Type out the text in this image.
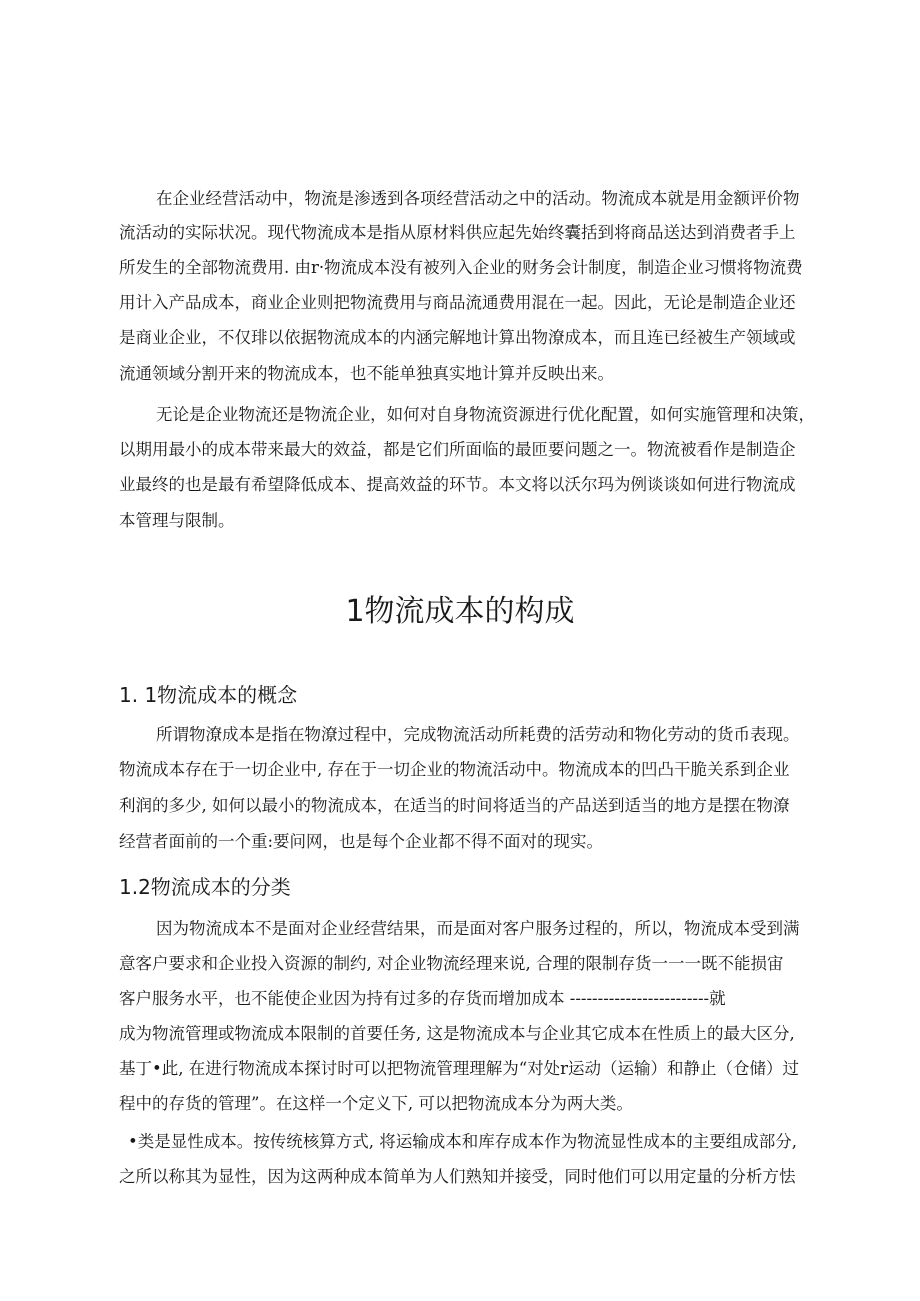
在企业经营活动中，物流是渗透到各项经营活动之中的活动。物流成本就是用金额评价物
流活动的实际状况。现代物流成本是指从原材料供应起先始终囊括到将商品送达到消费者手上
所发生的全部物流费用. 由r·物流成本没有被列入企业的财务会计制度，制造企业习惯将物流费
用计入产品成本，商业企业则把物流费用与商品流通费用混在一起。因此，无论是制造企业还
是商业企业，不仅琲以依据物流成本的内涵完解地计算出物潦成本，而且连已经被生产领域或
流通领域分割开来的物流成本，也不能单独真实地计算并反映出来。
无论是企业物流还是物流企业，如何对自身物流资源进行优化配置，如何实施管理和决策，
以期用最小的成本带来最大的效益，都是它们所面临的最匝要问题之一。物流被看作是制造企
业最终的也是最有希望降低成本、提高效益的环节。本文将以沃尔玛为例谈谈如何进行物流成
本管理与限制。
1物流成本的构成
1. 1物流成本的概念
所谓物潦成本是指在物潦过程中，完成物流活动所耗费的活劳动和物化劳动的货币表现。
物流成本存在于一切企业中, 存在于一切企业的物流活动中。物流成本的凹凸干脆关系到企业
利润的多少, 如何以最小的物流成本，在适当的时间将适当的产品送到适当的地方是摆在物潦
经营者面前的一个重:要问网，也是每个企业都不得不面对的现实。
1.2物流成本的分类
因为物流成本不是面对企业经营结果，而是面对客户服务过程的，所以，物流成本受到满
意客户要求和企业投入资源的制约, 对企业物流经理来说, 合理的限制存货一一一既不能损宙
客户服务水平，也不能使企业因为持有过多的存货而增加成本 -------------------------就
成为物流管理或物流成本限制的首要任务, 这是物流成本与企业其它成本在性质上的最大区分,
基丁•此, 在进行物流成本探讨时可以把物流管理理解为“对处r运动（运输）和静止（仓储）过
程中的存货的管理”。在这样一个定义下, 可以把物流成本分为两大类。
•类是显性成本。按传统核算方式, 将运输成本和库存成本作为物流显性成本的主要组成部分,
之所以称其为显性，因为这两种成本简单为人们熟知并接受，同时他们可以用定量的分析方怯
